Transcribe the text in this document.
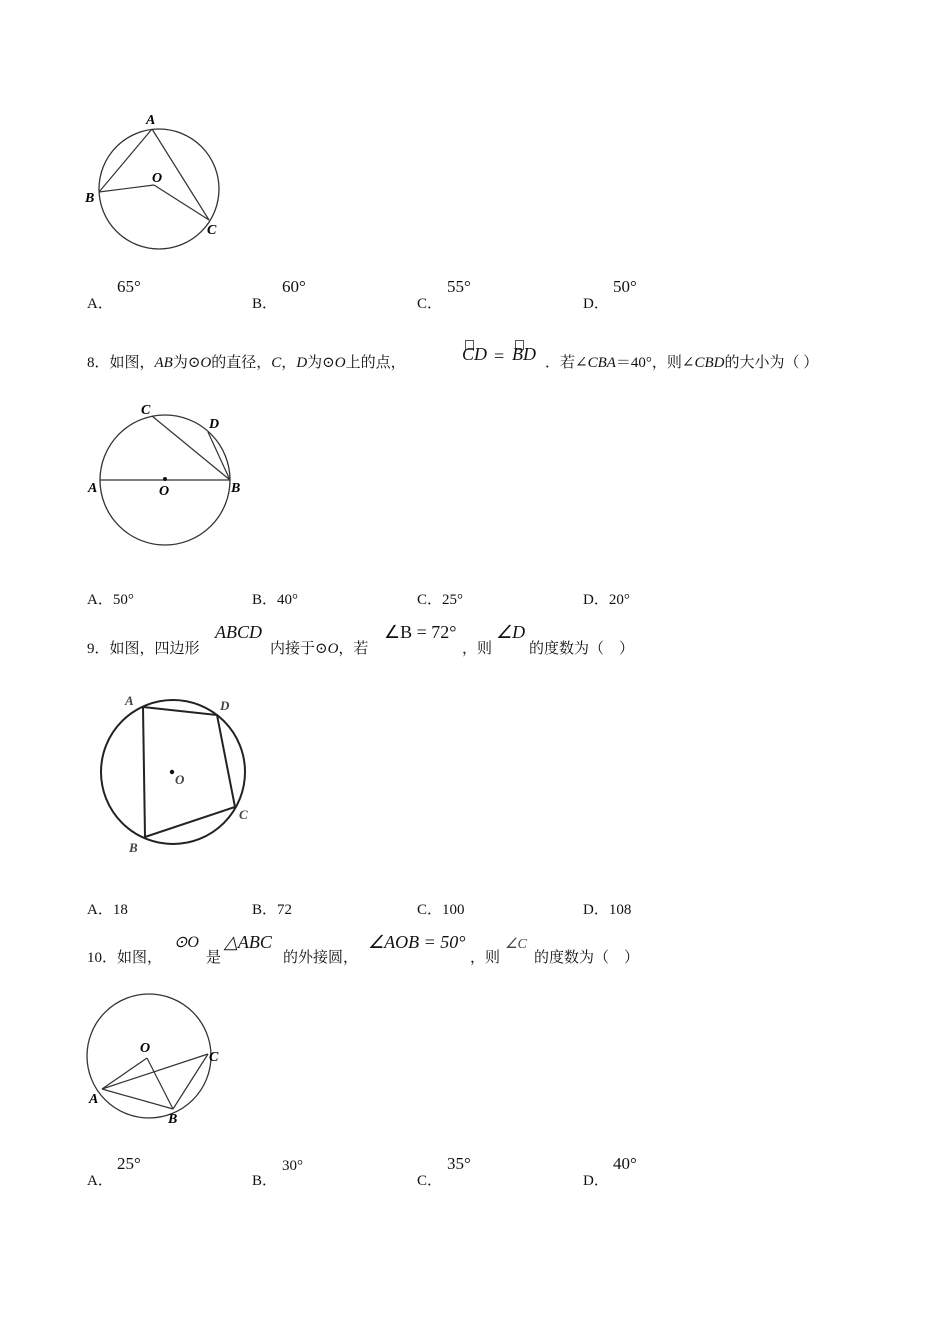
A
B
O
C
A．
65°
B．
60°
C．
55°
D．
50°
8．如图，AB为⊙O的直径，C，D为⊙O上的点，	CD = BD ．若∠CBA＝40°，则∠CBD的大小为（ ）
C
D
A	O	B
A．50°	B．40°	C．25°	D．20°
9．如图，四边形
ABCD
内接于⊙O，若
∠B = 72°
，则
∠D
的度数为（　）
A	D
O
C
B
A．18	B．72	C．100	D．108
10．如图，
⊙O
是
△ABC
的外接圆，
∠AOB = 50°
，则
∠C
的度数为（　）
O
C
A
B
A．
25°
B．
30°
C．
35°
D．
40°
